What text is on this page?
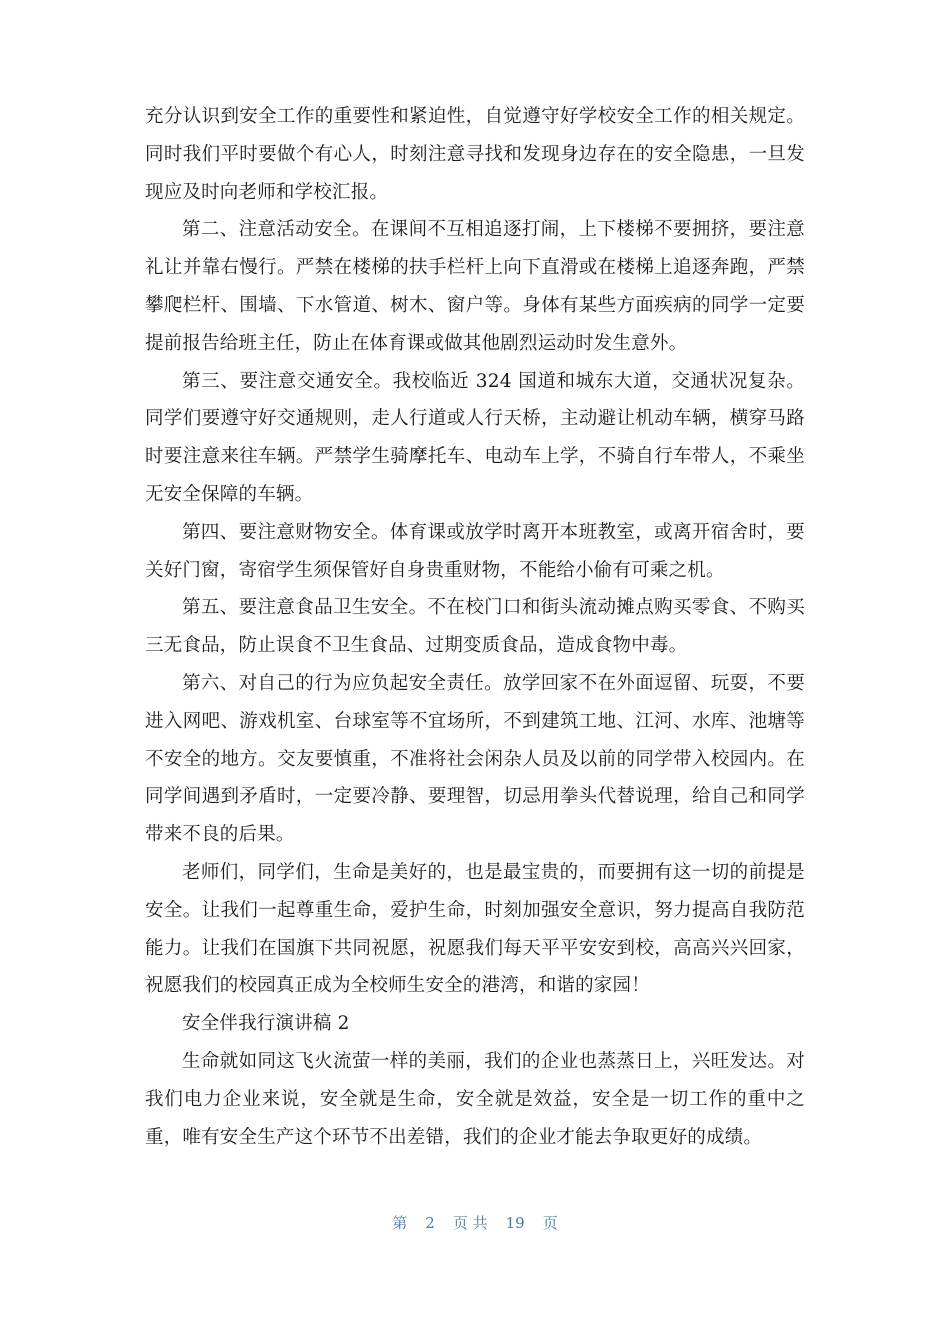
充分认识到安全工作的重要性和紧迫性，自觉遵守好学校安全工作的相关规定。同时我们平时要做个有心人，时刻注意寻找和发现身边存在的安全隐患，一旦发现应及时向老师和学校汇报。

第二、注意活动安全。在课间不互相追逐打闹，上下楼梯不要拥挤，要注意礼让并靠右慢行。严禁在楼梯的扶手栏杆上向下直滑或在楼梯上追逐奔跑，严禁攀爬栏杆、围墙、下水管道、树木、窗户等。身体有某些方面疾病的同学一定要提前报告给班主任，防止在体育课或做其他剧烈运动时发生意外。

第三、要注意交通安全。我校临近 324 国道和城东大道，交通状况复杂。同学们要遵守好交通规则，走人行道或人行天桥，主动避让机动车辆，横穿马路时要注意来往车辆。严禁学生骑摩托车、电动车上学，不骑自行车带人，不乘坐无安全保障的车辆。

第四、要注意财物安全。体育课或放学时离开本班教室，或离开宿舍时，要关好门窗，寄宿学生须保管好自身贵重财物，不能给小偷有可乘之机。

第五、要注意食品卫生安全。不在校门口和街头流动摊点购买零食、不购买三无食品，防止误食不卫生食品、过期变质食品，造成食物中毒。

第六、对自己的行为应负起安全责任。放学回家不在外面逗留、玩耍，不要进入网吧、游戏机室、台球室等不宜场所，不到建筑工地、江河、水库、池塘等不安全的地方。交友要慎重，不准将社会闲杂人员及以前的同学带入校园内。在同学间遇到矛盾时，一定要冷静、要理智，切忌用拳头代替说理，给自己和同学带来不良的后果。

老师们，同学们，生命是美好的，也是最宝贵的，而要拥有这一切的前提是安全。让我们一起尊重生命，爱护生命，时刻加强安全意识，努力提高自我防范能力。让我们在国旗下共同祝愿，祝愿我们每天平平安安到校，高高兴兴回家，祝愿我们的校园真正成为全校师生安全的港湾，和谐的家园！

安全伴我行演讲稿 2

生命就如同这飞火流萤一样的美丽，我们的企业也蒸蒸日上，兴旺发达。对我们电力企业来说，安全就是生命，安全就是效益，安全是一切工作的重中之重，唯有安全生产这个环节不出差错，我们的企业才能去争取更好的成绩。

第 2 页 共 19 页
